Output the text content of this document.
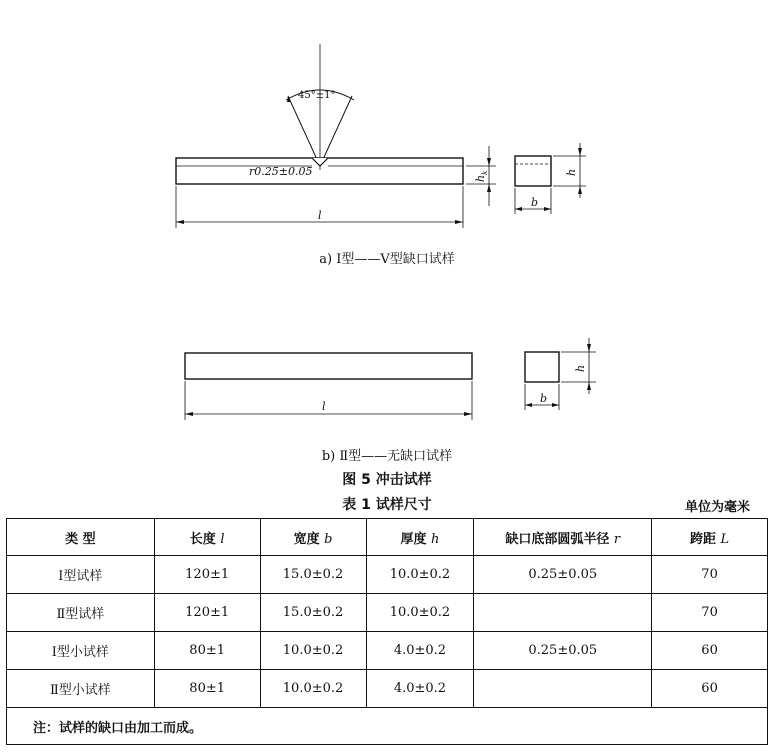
45°±1°
r0.25±0.05
l
$h_k$	h
b
a) Ⅰ型——V型缺口试样
l
h
b
b) Ⅱ型——无缺口试样
图 5 冲击试样
表 1 试样尺寸	单位为毫米
类 型	长度 l	宽度 b	厚度 h	缺口底部圆弧半径 r	跨距 L
Ⅰ型试样	120±1	15.0±0.2	10.0±0.2	0.25±0.05	70
Ⅱ型试样	120±1	15.0±0.2	10.0±0.2		70
Ⅰ型小试样	80±1	10.0±0.2	4.0±0.2	0.25±0.05	60
Ⅱ型小试样	80±1	10.0±0.2	4.0±0.2		60
注：试样的缺口由加工而成。					
